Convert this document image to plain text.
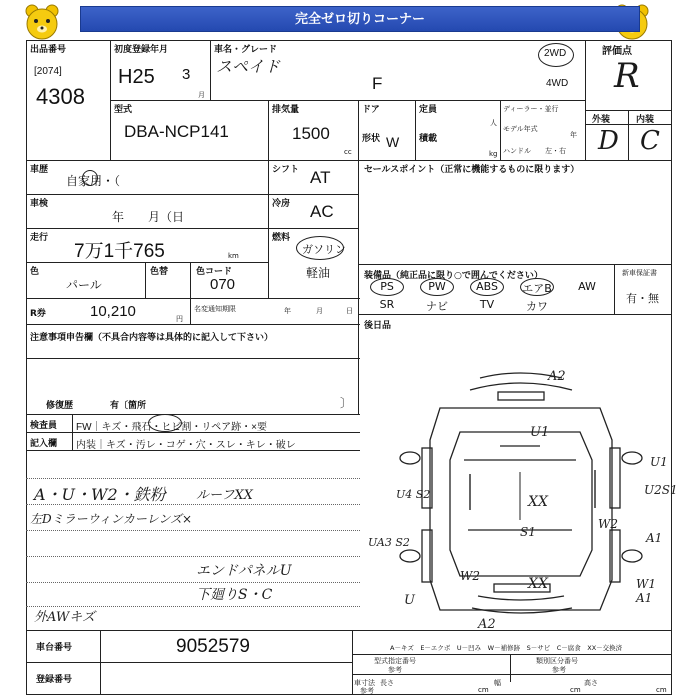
完全ゼロ切りコーナー
出品番号
[2074]
4308
初度登録年月
H25 3
月
車名・グレード
スペイド
F
2WD
4WD
評価点
R
外装	内装
D C
型式
DBA-NCP141
排気量
1500
cc
ドア
形状 W
定員
人
積載
kg
ディーラー・並行
モデル年式
年
ハンドル 左・右
車歴
自家用・（
シフト AT
車検
年　　月（日
冷房 AC
走行
7万1千765	km
燃料
ガソリン
軽油
色
パール
色替	色コード
070
R券	10,210	円
名変通知期限	年	月	日
セールスポイント（正常に機能するものに限ります）
装備品（純正品に限り○で囲んでください）	新車保証書
有・無
後日品
注意事項申告欄（不具合内容等は具体的に記入して下さい）
修復歴	有〔箇所	〕
検査員
記入欄
FW｜キズ・飛石・ヒビ割・リペア跡・×要
内装｜キズ・汚レ・コゲ・穴・スレ・キレ・破レ
A・U・W2・鉄粉 ルーフXX
左Dミラーウィンカーレンズ×
エンドパネルU
下廻りS・C
外AWキズ
車台番号	9052579
登録番号
A－キズ　E－エクボ　U－凹み　W－補修跡　S－サビ　C－腐食　XX－交換済
型式指定番号
参考
類別区分番号
参考
車寸法
参考
長さ
cm
幅
cm
高さ
cm
A2
U1
U1
U2S1
U4 S2	XX
S1
W2
A1
UA3 S2
W2	XX	W1
A1
A2
U
PS	PW	ABS	エアB	AW
SR	ナビ	TV	カワ
